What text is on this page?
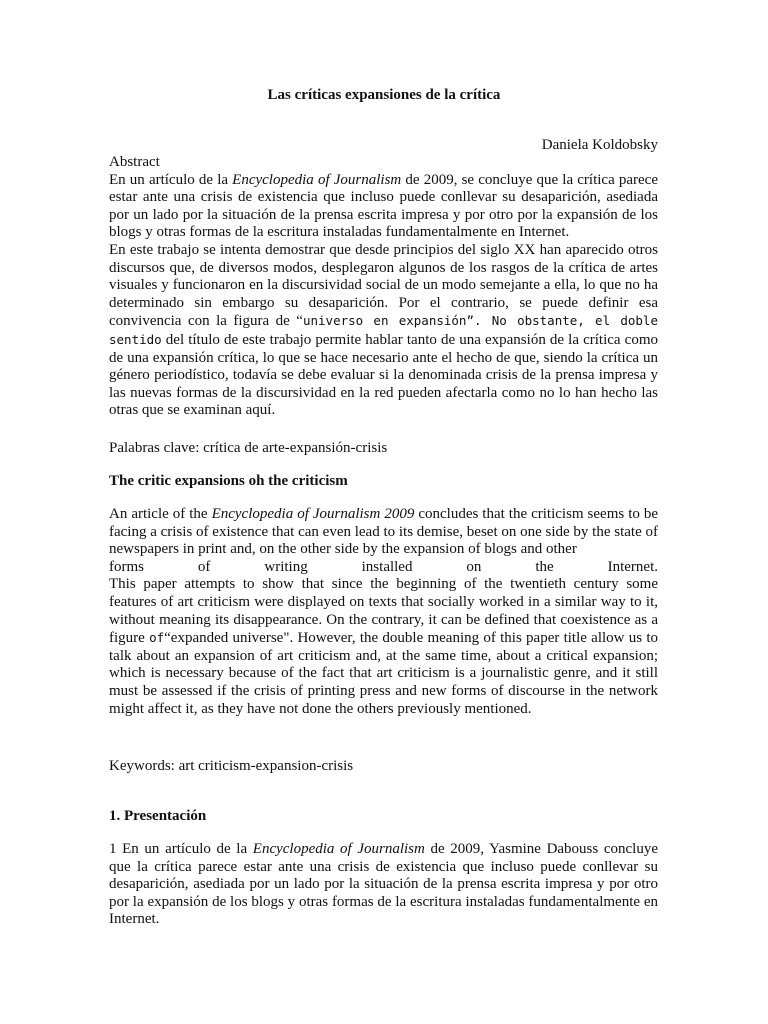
Las críticas expansiones de la crítica
Daniela Koldobsky

Abstract

En un artículo de la Encyclopedia of Journalism de 2009, se concluye que la crítica parece estar ante una crisis de existencia que incluso puede conllevar su desaparición, asediada por un lado por la situación de la prensa escrita impresa y por otro por la expansión de los blogs y otras formas de la escritura instaladas fundamentalmente en Internet.

En este trabajo se intenta demostrar que desde principios del siglo XX han aparecido otros discursos que, de diversos modos, desplegaron algunos de los rasgos de la crítica de artes visuales y funcionaron en la discursividad social de un modo semejante a ella, lo que no ha determinado sin embargo su desaparición. Por el contrario, se puede definir esa convivencia con la figura de “universo en expansión”. No obstante, el doble sentido del título de este trabajo permite hablar tanto de una expansión de la crítica como de una expansión crítica, lo que se hace necesario ante el hecho de que, siendo la crítica un género periodístico, todavía se debe evaluar si la denominada crisis de la prensa impresa y las nuevas formas de la discursividad en la red pueden afectarla como no lo han hecho las otras que se examinan aquí.

Palabras clave: crítica de arte-expansión-crisis
The critic expansions oh the criticism

An article of the Encyclopedia of Journalism 2009 concludes that the criticism seems to be facing a crisis of existence that can even lead to its demise, beset on one side by the state of newspapers in print and, on the other side by the expansion of blogs and other

forms of writing installed on the Internet.

This paper attempts to show that since the beginning of the twentieth century some features of art criticism were displayed on texts that socially worked in a similar way to it, without meaning its disappearance. On the contrary, it can be defined that coexistence as a figure of“expanded universe". However, the double meaning of this paper title allow us to talk about an expansion of art criticism and, at the same time, about a critical expansion; which is necessary because of the fact that art criticism is a journalistic genre, and it still must be assessed if the crisis of printing press and new forms of discourse in the network might affect it, as they have not done the others previously mentioned.

Keywords: art criticism-expansion-crisis
1. Presentación

1 En un artículo de la Encyclopedia of Journalism de 2009, Yasmine Dabouss concluye que la crítica parece estar ante una crisis de existencia que incluso puede conllevar su desaparición, asediada por un lado por la situación de la prensa escrita impresa y por otro por la expansión de los blogs y otras formas de la escritura instaladas fundamentalmente en Internet.
